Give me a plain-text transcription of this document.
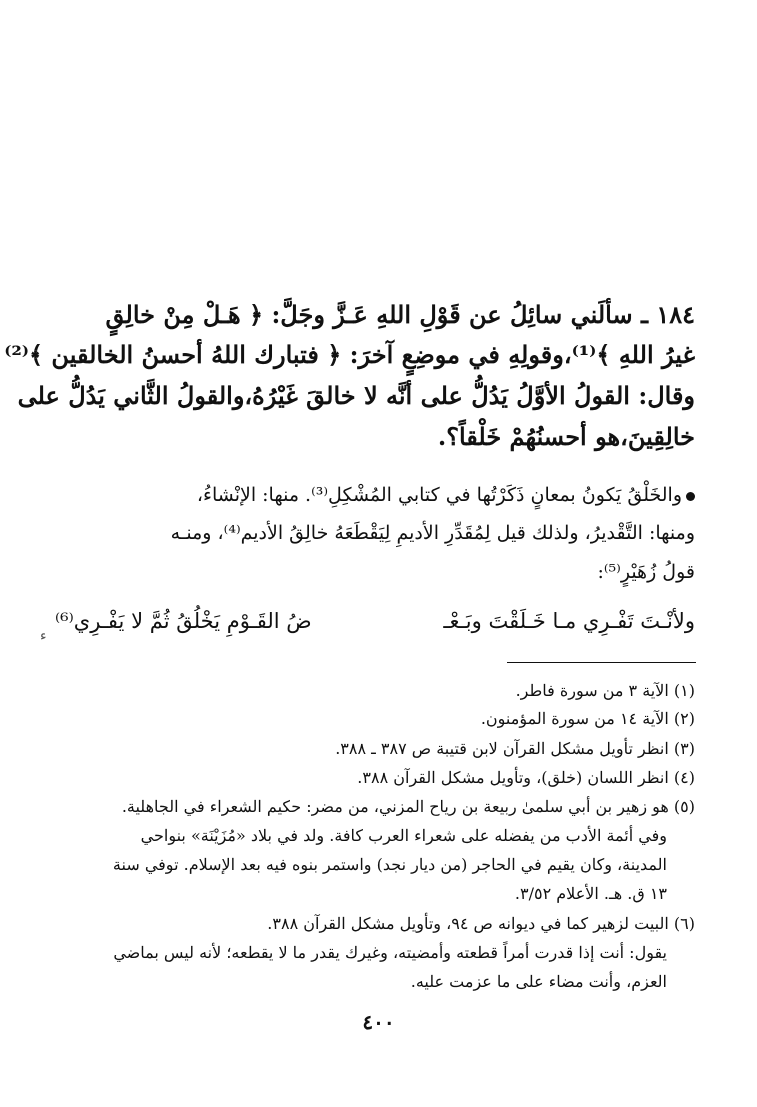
١٨٤ ـ سألَني سائِلُ عن قَوْلِ اللهِ عَـزَّ وجَلَّ: ﴿ هَـلْ مِنْ خالِقٍ
غيرُ اللهِ ﴾⁽¹⁾،وقولِهِ في موضِعٍ آخرَ: ﴿ فتبارك اللهُ أحسنُ الخالقين ﴾⁽²⁾
وقال: القولُ الأوَّلُ يَدُلُّ على أنَّه لا خالقَ غَيْرُهُ،والقولُ الثَّاني يَدُلُّ على
خالِقِينَ،هو أحسنُهُمْ خَلْقاً؟.
والخَلْقُ يَكونُ بمعانٍ ذَكَرْتُها في كتابي المُشْكِلِ⁽³⁾. منها: الإنْشاءُ،
ومنها: التَّقْديرُ، ولذلك قيل لِمُقَدِّرِ الأديمِ لِيَقْطَعَهُ خالِقُ الأديم⁽⁴⁾، ومنـه
قولُ زُهَيْرٍ⁽⁵⁾:
ولأنْـتَ تَفْـرِي مـا خَـلَقْتَ وبَـعْـ
ضُ القَـوْمِ يَخْلُقُ ثُمَّ لا يَفْـرِي⁽⁶⁾
ء
(١) الآية ٣ من سورة فاطر.
(٢) الآية ١٤ من سورة المؤمنون.
(٣) انظر تأويل مشكل القرآن لابن قتيبة ص ٣٨٧ ـ ٣٨٨.
(٤) انظر اللسان (خلق)، وتأويل مشكل القرآن ٣٨٨.
(٥) هو زهير بن أبي سلمىٰ ربيعة بن رياح المزني، من مضر: حكيم الشعراء في الجاهلية.
وفي أئمة الأدب من يفضله على شعراء العرب كافة. ولد في بلاد «مُزَيْنَة» بنواحي
المدينة، وكان يقيم في الحاجر (من ديار نجد) واستمر بنوه فيه بعد الإسلام. توفي سنة
١٣ ق. هـ. الأعلام ٣/٥٢.
(٦) البيت لزهير كما في ديوانه ص ٩٤، وتأويل مشكل القرآن ٣٨٨.
يقول: أنت إذا قدرت أمراً قطعته وأمضيته، وغيرك يقدر ما لا يقطعه؛ لأنه ليس بماضي
العزم، وأنت مضاء على ما عزمت عليه.
٤٠٠
